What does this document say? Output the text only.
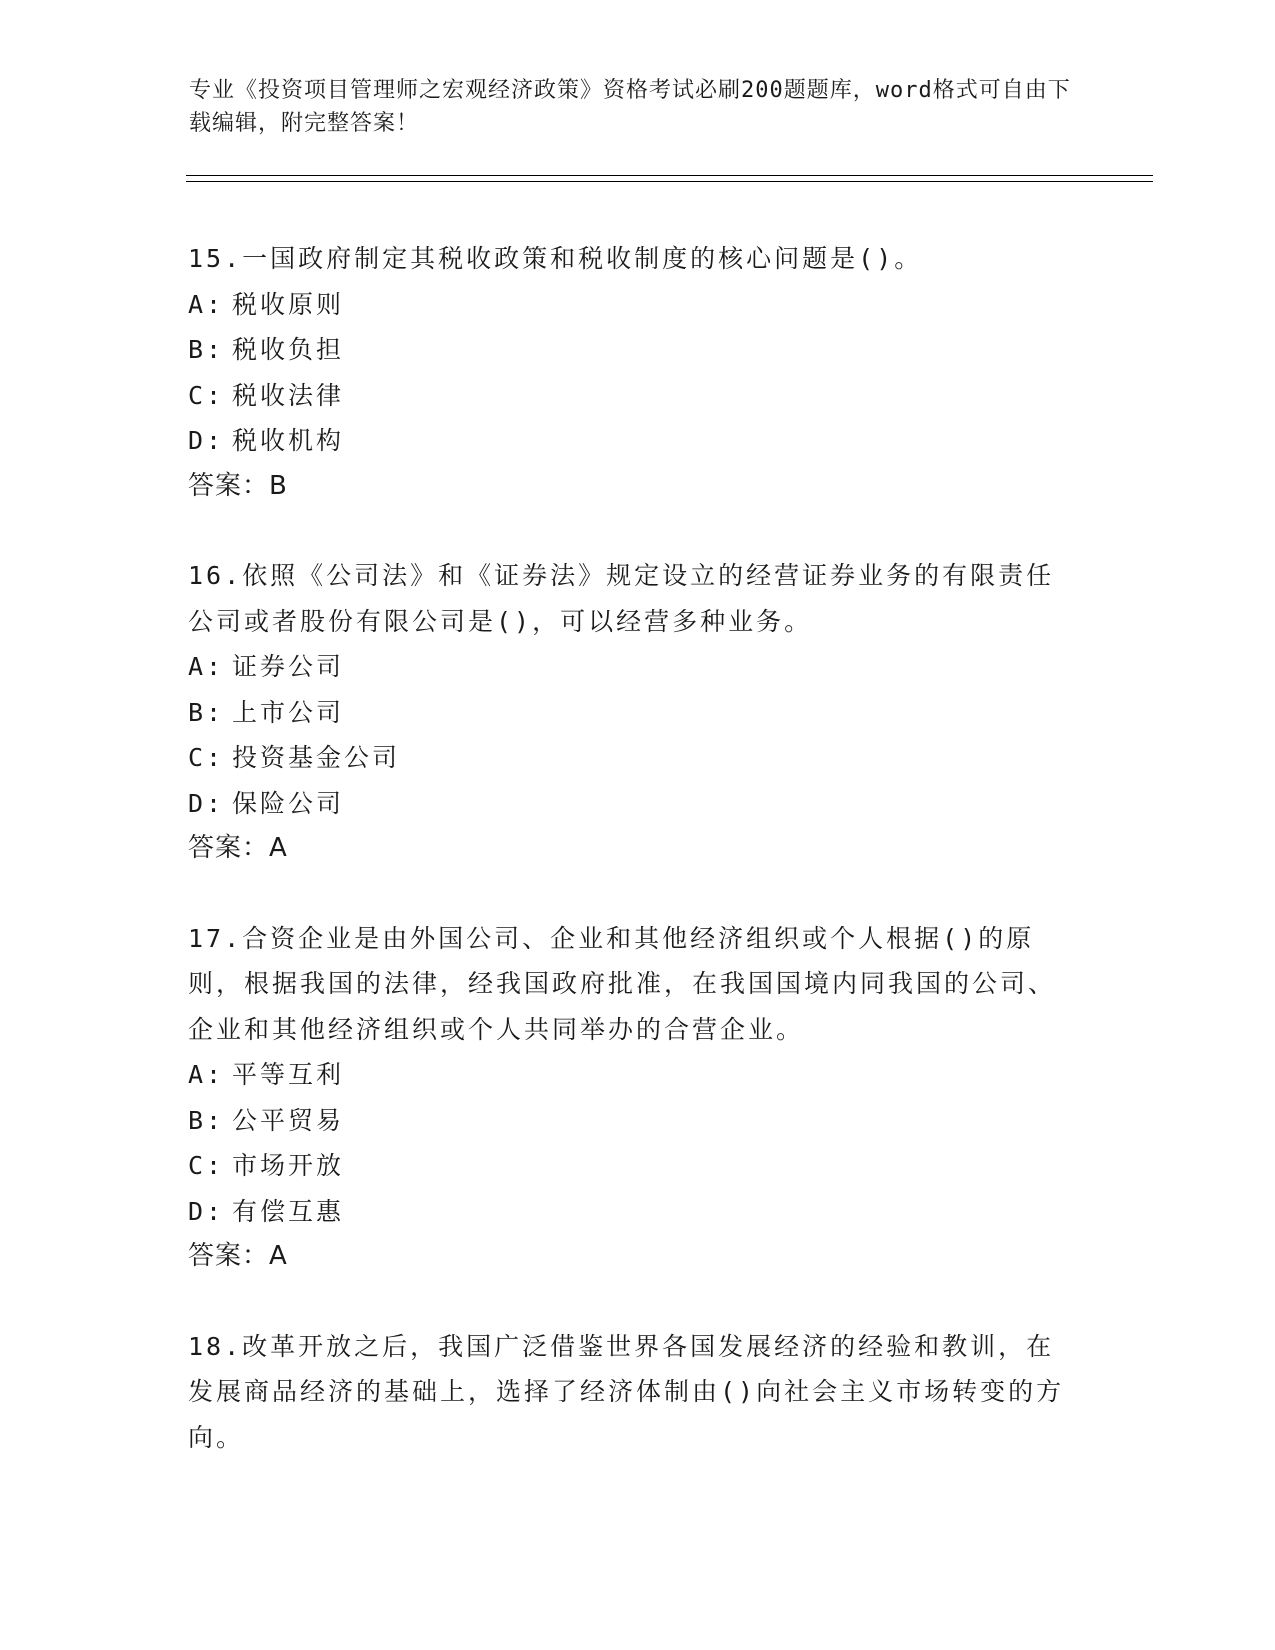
专业《投资项目管理师之宏观经济政策》资格考试必刷200题题库，word格式可自由下载编辑，附完整答案！
15.一国政府制定其税收政策和税收制度的核心问题是()。
A: 税收原则
B: 税收负担
C: 税收法律
D: 税收机构
答案：B
16.依照《公司法》和《证券法》规定设立的经营证券业务的有限责任公司或者股份有限公司是()，可以经营多种业务。
A: 证券公司
B: 上市公司
C: 投资基金公司
D: 保险公司
答案：A
17.合资企业是由外国公司、企业和其他经济组织或个人根据()的原则，根据我国的法律，经我国政府批准，在我国国境内同我国的公司、企业和其他经济组织或个人共同举办的合营企业。
A: 平等互利
B: 公平贸易
C: 市场开放
D: 有偿互惠
答案：A
18.改革开放之后，我国广泛借鉴世界各国发展经济的经验和教训，在发展商品经济的基础上，选择了经济体制由()向社会主义市场转变的方向。
